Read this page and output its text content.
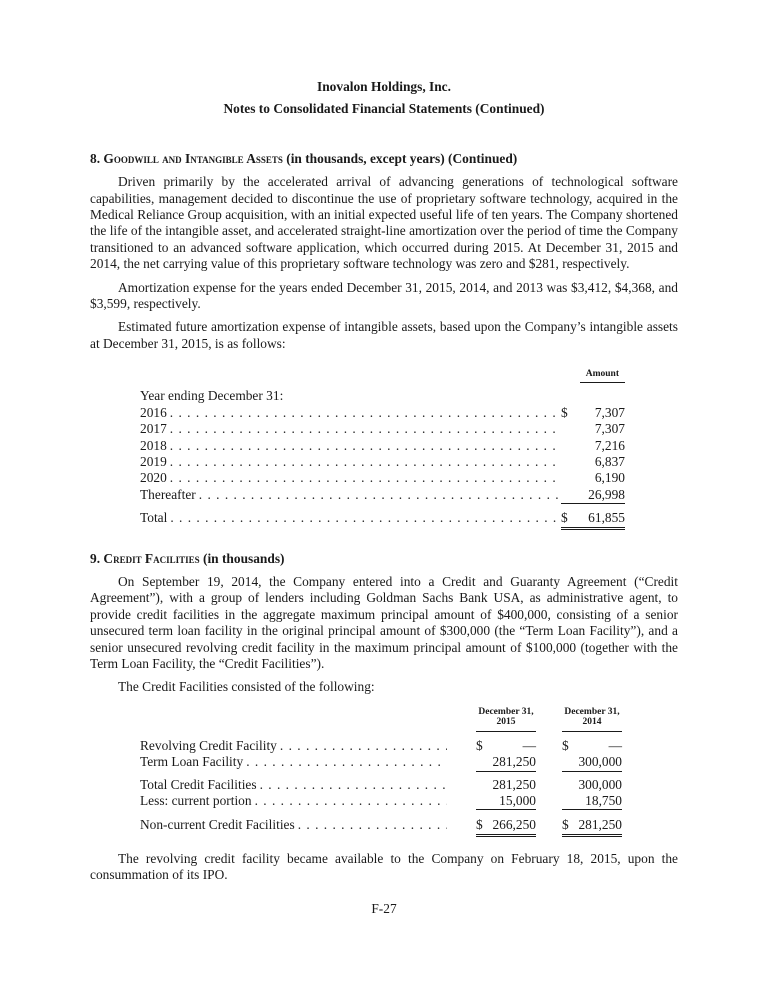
Inovalon Holdings, Inc.
Notes to Consolidated Financial Statements (Continued)
8. Goodwill and Intangible Assets (in thousands, except years) (Continued)

Driven primarily by the accelerated arrival of advancing generations of technological software capabilities, management decided to discontinue the use of proprietary software technology, acquired in the Medical Reliance Group acquisition, with an initial expected useful life of ten years. The Company shortened the life of the intangible asset, and accelerated straight-line amortization over the period of time the Company transitioned to an advanced software application, which occurred during 2015. At December 31, 2015 and 2014, the net carrying value of this proprietary software technology was zero and $281, respectively.

Amortization expense for the years ended December 31, 2015, 2014, and 2013 was $3,412, $4,368, and $3,599, respectively.

Estimated future amortization expense of intangible assets, based upon the Company’s intangible assets at December 31, 2015, is as follows:

Amount
Year ending December 31:
2016 . . .	$ 7,307
2017 . . .	7,307
2018 . . .	7,216
2019 . . .	6,837
2020 . . .	6,190
Thereafter . . .	26,998
Total . . .	$ 61,855
9. Credit Facilities (in thousands)

On September 19, 2014, the Company entered into a Credit and Guaranty Agreement (“Credit Agreement”), with a group of lenders including Goldman Sachs Bank USA, as administrative agent, to provide credit facilities in the aggregate maximum principal amount of $400,000, consisting of a senior unsecured term loan facility in the original principal amount of $300,000 (the “Term Loan Facility”), and a senior unsecured revolving credit facility in the maximum principal amount of $100,000 (together with the Term Loan Facility, the “Credit Facilities”).

The Credit Facilities consisted of the following:

December 31,
2015
December 31,
2014
Revolving Credit Facility . . .	$	— $	—
Term Loan Facility . . .	281,250	300,000
Total Credit Facilities . . .	281,250	300,000
Less: current portion . . .	15,000	18,750
Non-current Credit Facilities . . .	$ 266,250 $ 281,250

The revolving credit facility became available to the Company on February 18, 2015, upon the consummation of its IPO.

F-27
